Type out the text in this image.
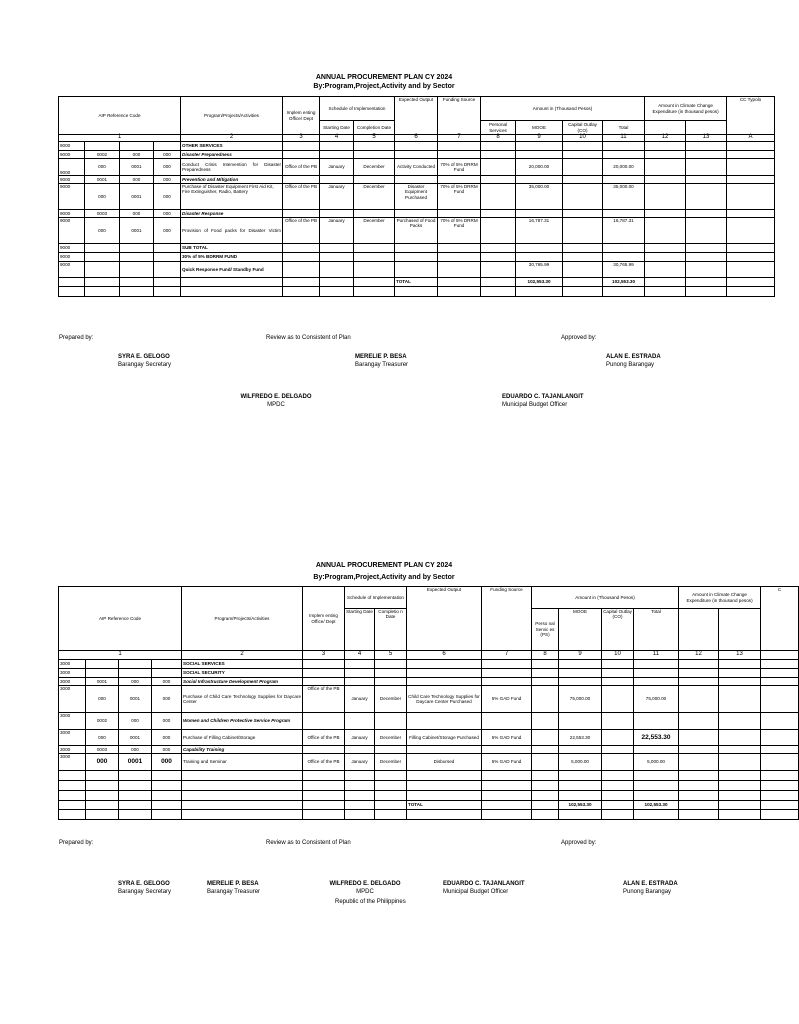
ANNUAL PROCUREMENT PLAN CY 2024
By:Program,Project,Activity and by Sector
AIP Reference Code				Program/Projects/Activities	Implem enting Office/ Dept	Schedule of Implementation		Expected Output	Funding Source	Amount in (Thousand Pesos)				Amount in Climate Change Expenditure (in thousand pesos)		CC Typolo
						Starting Date	Completion Date			Personal Services	MOOE	Capital Outlay (CO)	Total			
1				2	3	4	5	6	7	8	9	10	11	12	13	A
9000				OTHER SERVICES												
9000	0002	000	000	Disaster Preparedness												
9000	000	0001	000	Conduct Crisis Intervention for Disaster Preparedness	Office of the PB	January	December	Activity Conducted	70% of 5% DRRM Fund		20,000.00		20,000.00			
9000	0001	000	000	Prevention and Mitigation												
9000	000	0001	000	Purchase of Disaster Equipment First Aid Kit, Fire Extinguisher, Radio, Battery	Office of the PB	January	December	Disaster Equipment Purchased	70% of 5% DRRM Fund		35,000.00		35,000.00			
9000	0003	000	000	Disaster Response												
9000	000	0001	000	Provision of Food packs for Disaster Victim	Office of the PB	January	December	Purchased of Food Packs	70% of 5% DRRM Fund		16,787.31		16,787.31			
9000				SUB TOTAL												
9000				30% of 5% BDRRM FUND												
9000				Quick Response Fund/ Standby Fund							30,765.99		30,765.99			
								TOTAL			102,553.30		102,553.30			

Prepared by:	Review as to Consistent of Plan	Approved by:
SYRA E. GELOGO
Barangay Secretary
MERELIE P. BESA
Barangay Treasurer
ALAN E. ESTRADA
Punong Barangay
WILFREDO E. DELGADO
MPDC
EDUARDO C. TAJANLANGIT
Municipal Budget Officer
ANNUAL PROCUREMENT PLAN CY 2024
By:Program,Project,Activity and by Sector
AIP Reference Code				Program/Projects/Activities	Implem enting Office/ Dept	Schedule of Implementation		Expected Output	Funding Source	Amount in (Thousand Pesos)				Amount in Climate Change Expenditure (in thousand pesos)		C
						Starting Date	Completio n Date			Perso nal Servic es (PS)	MOOE	Capital Outlay (CO)	Total			
1				2	3	4	5	6	7	8	9	10	11	12	13	
3000				SOCIAL SERVICES												
3000				SOCIAL SECURITY												
3000	0001	000	000	Social Infrastructure Development Program												
3000	000	0001	000	Purchase of Child Care Technology Supplies for Daycare Center	Office of the PB	January	December	Child Care Technology Supplies for Daycare Center Purchased	5% GAD Fund		75,000.00		75,000.00			
3000	0002	000	000	Women and Children Protective Service Program												
3000	000	0001	000	Purchase of Filling Cabinet/Storage	Office of the PB	January	December	Filling Cabinet/Storage Purchased	5% GAD Fund		22,553.30		22,553.30			
3000	0003	000	000	Capability Training												
3000	000	0001	000	Training and Seminar	Office of the PB	January	December	Disbursed	5% GAD Fund		5,000.00		5,000.00			

								TOTAL			102,553.30		102,553.30			

Prepared by:	Review as to Consistent of Plan	Approved by:
SYRA E. GELOGO
Barangay Secretary
MERELIE P. BESA
Barangay Treasurer
WILFREDO E. DELGADO
MPDC
EDUARDO C. TAJANLANGIT
Municipal Budget Officer
ALAN E. ESTRADA
Punong Barangay
Republic of the Philippines
